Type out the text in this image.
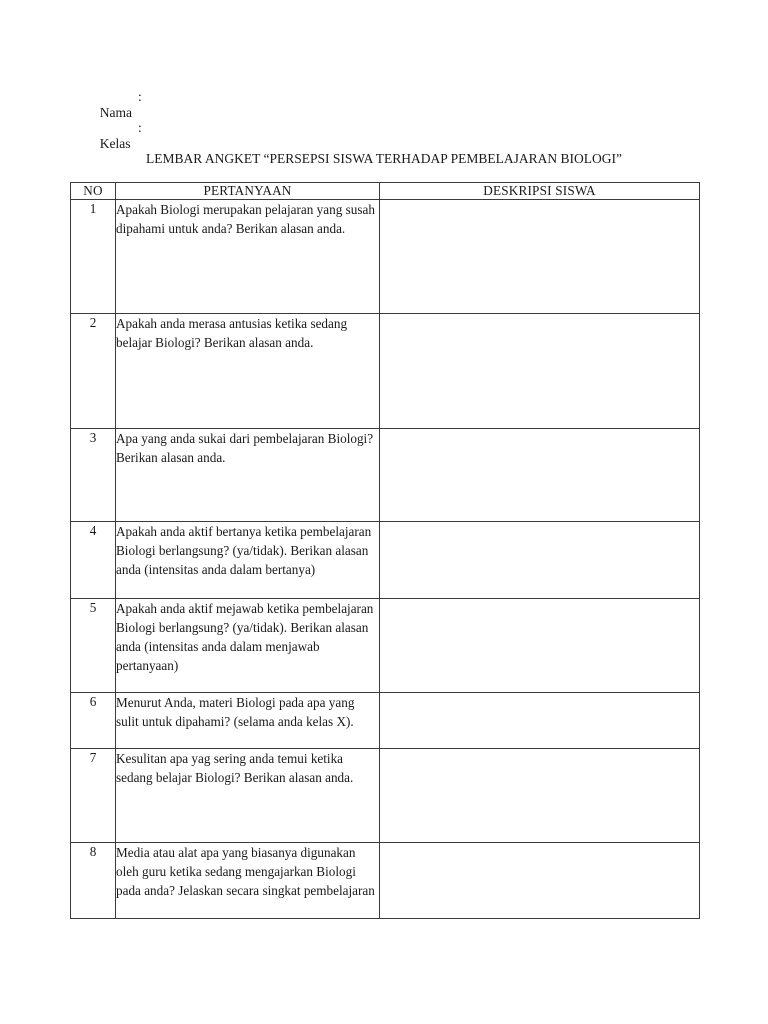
Nama

:

Kelas

:

LEMBAR ANGKET “PERSEPSI SISWA TERHADAP PEMBELAJARAN BIOLOGI”
NO	PERTANYAAN	DESKRIPSI SISWA
1	Apakah Biologi merupakan pelajaran yang susah dipahami untuk anda? Berikan alasan anda.	

2	Apakah anda merasa antusias ketika sedang belajar Biologi? Berikan alasan anda.	

3	Apa yang anda sukai dari pembelajaran Biologi? Berikan alasan anda.	

4	Apakah anda aktif bertanya ketika pembelajaran Biologi berlangsung? (ya/tidak). Berikan alasan anda (intensitas anda dalam bertanya)	

5	Apakah anda aktif mejawab ketika pembelajaran Biologi berlangsung? (ya/tidak). Berikan alasan anda (intensitas anda dalam menjawab pertanyaan)	

6	Menurut Anda, materi Biologi pada apa yang sulit untuk dipahami? (selama anda kelas X).	

7	Kesulitan apa yag sering anda temui ketika sedang belajar Biologi? Berikan alasan anda.	

8	Media atau alat apa yang biasanya digunakan oleh guru ketika sedang mengajarkan Biologi pada anda? Jelaskan secara singkat pembelajaran	
